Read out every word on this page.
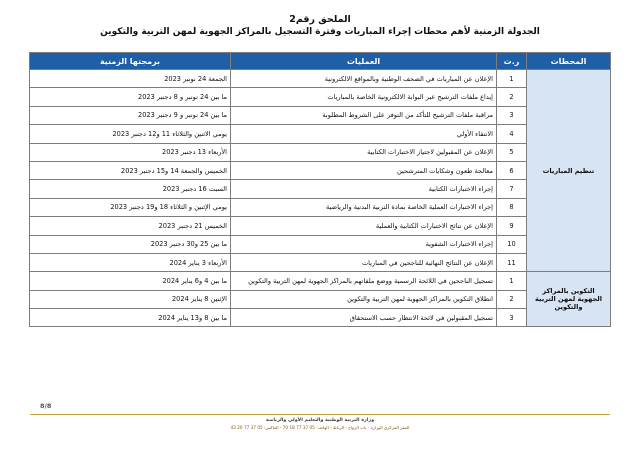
الملحق رقم2
الجدولة الزمنية لأهم محطات إجراء المباريات وفترة التسجيل بالمراكز الجهوية لمهن التربية والتكوين
المحطات	ر.ت	العمليات	برمجتها الزمنية
تنظيم المباريات	1	الإعلان عن المباريات في الصحف الوطنية وبالمواقع الالكترونية	الجمعة 24 نونبر 2023
	2	إيداع ملفات الترشيح عبر البوابة الالكترونية الخاصة بالمباريات	ما بين 24 نونبر و 8 دجنبر 2023
	3	مراقبة ملفات الترشيح للتأكد من التوفر على الشروط المطلوبة	ما بين 24 نونبر و 9 دجنبر 2023
	4	الانتقاء الأولي	يومي الاثنين والثلاثاء 11 و12 دجنبر 2023
	5	الإعلان عن المقبولين لاجتياز الاختبارات الكتابية	الأربعاء 13 دجنبر 2023
	6	معالجة طعون وشكايات المترشحين	الخميس والجمعة 14 و15 دجنبر 2023
	7	إجراء الاختبارات الكتابية	السبت 16 دجنبر 2023
	8	إجراء الاختبارات العملية الخاصة بمادة التربية البدنية والرياضية	يومي الإثنين و الثلاثاء 18 و19 دجنبر 2023
	9	الإعلان عن نتائج الاختبارات الكتابية والعملية	الخميس 21 دجنبر 2023
	10	إجراء الاختبارات الشفوية	ما بين 25 و30 دجنبر 2023
	11	الإعلان عن النتائج النهائية للناجحين في المباريات	الأربعاء 3 يناير 2024
التكوين بالمراكز الجهوية لمهن التربية والتكوين	1	تسجيل الناجحين في اللائحة الرسمية ووضع ملفاتهم بالمراكز الجهوية لمهن التربية والتكوين	ما بين 4 و6 يناير 2024
	2	انطلاق التكوين بالمراكز الجهوية لمهن التربية والتكوين	الإثنين 8 يناير 2024
	3	تسجيل المقبولين في لائحة الانتظار حسب الاستحقاق	ما بين 8 و13 يناير 2024
8/8
وزارة التربية الوطنية والتعليم الأولي والرياضة
المقر المركزي الوزارة - باب الرواح - الرباط - الهاتف: 05 37 77 18 70 - الفاكس: 05 37 77 20 43
